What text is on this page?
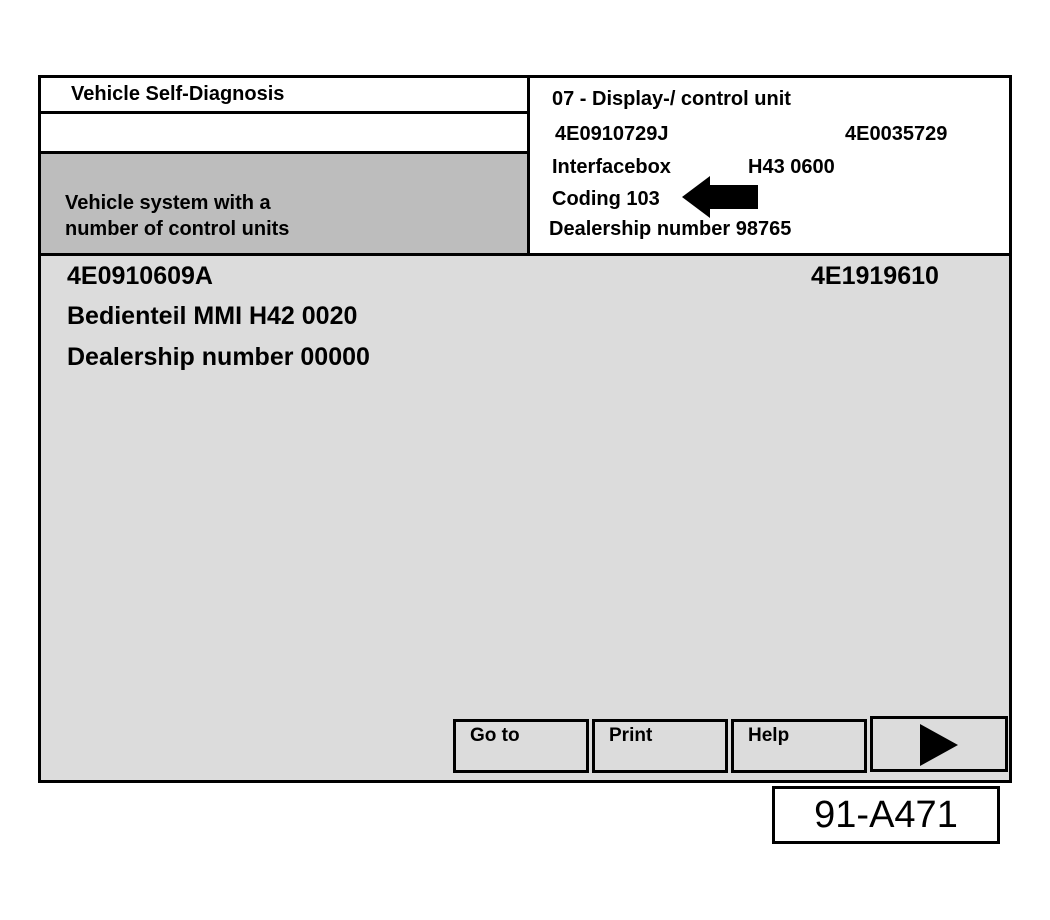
Vehicle Self-Diagnosis
Vehicle system with a
number of control units
07 - Display-/ control unit
4E0910729J	4E0035729
Interfacebox	H43 0600
Coding 103
Dealership number 98765
4E0910609A	4E1919610
Bedienteil MMI H42 0020
Dealership number 00000
Go to	Print	Help
91-A471
